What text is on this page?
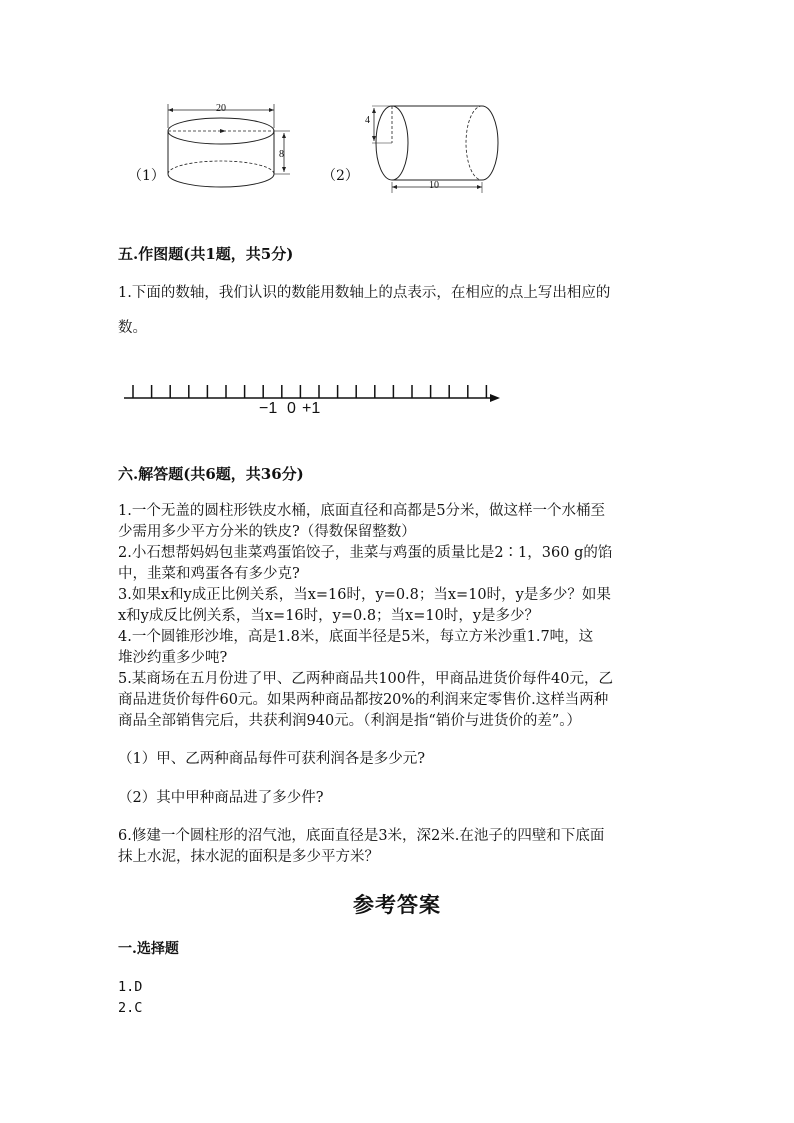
（1）
20
8
（2）
4
10
五.作图题(共1题，共5分)

1.下面的数轴，我们认识的数能用数轴上的点表示，在相应的点上写出相应的

数。

−1 0 +1
六.解答题(共6题，共36分)

1.一个无盖的圆柱形铁皮水桶，底面直径和高都是5分米，做这样一个水桶至

少需用多少平方分米的铁皮?（得数保留整数）

2.小石想帮妈妈包韭菜鸡蛋馅饺子，韭菜与鸡蛋的质量比是2∶1，360 g的馅

中，韭菜和鸡蛋各有多少克?

3.如果x和y成正比例关系，当x=16时，y=0.8；当x=10时，y是多少？如果

x和y成反比例关系，当x=16时，y=0.8；当x=10时，y是多少？

4.一个圆锥形沙堆，高是1.8米，底面半径是5米，每立方米沙重1.7吨，这

堆沙约重多少吨?

5.某商场在五月份进了甲、乙两种商品共100件，甲商品进货价每件40元，乙

商品进货价每件60元。如果两种商品都按20%的利润来定零售价.这样当两种

商品全部销售完后，共获利润940元。（利润是指“销价与进货价的差”。）

（1）甲、乙两种商品每件可获利润各是多少元?
（2）其中甲种商品进了多少件?

6.修建一个圆柱形的沼气池，底面直径是3米，深2米.在池子的四壁和下底面

抹上水泥，抹水泥的面积是多少平方米？

参考答案
一.选择题
1.D
2.C
